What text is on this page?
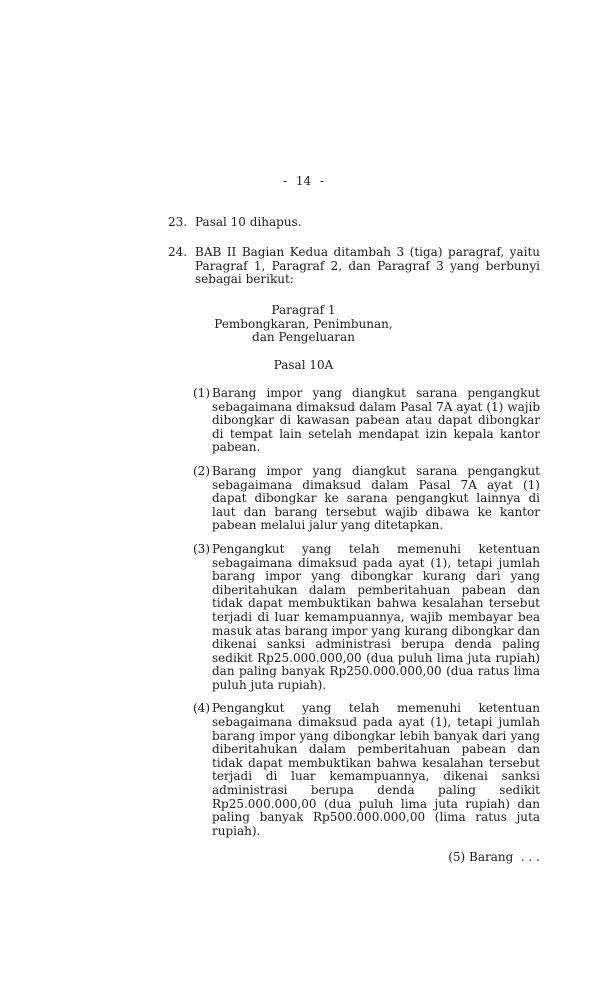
- 14 -
23. Pasal 10 dihapus.
24. BAB II Bagian Kedua ditambah 3 (tiga) paragraf, yaitu Paragraf 1, Paragraf 2, dan Paragraf 3 yang berbunyi sebagai berikut:
Paragraf 1
Pembongkaran, Penimbunan,
dan Pengeluaran
Pasal 10A
(1) Barang impor yang diangkut sarana pengangkut sebagaimana dimaksud dalam Pasal 7A ayat (1) wajib dibongkar di kawasan pabean atau dapat dibongkar di tempat lain setelah mendapat izin kepala kantor pabean.
(2) Barang impor yang diangkut sarana pengangkut sebagaimana dimaksud dalam Pasal 7A ayat (1) dapat dibongkar ke sarana pengangkut lainnya di laut dan barang tersebut wajib dibawa ke kantor pabean melalui jalur yang ditetapkan.
(3) Pengangkut yang telah memenuhi ketentuan sebagaimana dimaksud pada ayat (1), tetapi jumlah barang impor yang dibongkar kurang dari yang diberitahukan dalam pemberitahuan pabean dan tidak dapat membuktikan bahwa kesalahan tersebut terjadi di luar kemampuannya, wajib membayar bea masuk atas barang impor yang kurang dibongkar dan dikenai sanksi administrasi berupa denda paling sedikit Rp25.000.000,00 (dua puluh lima juta rupiah) dan paling banyak Rp250.000.000,00 (dua ratus lima puluh juta rupiah).
(4) Pengangkut yang telah memenuhi ketentuan sebagaimana dimaksud pada ayat (1), tetapi jumlah barang impor yang dibongkar lebih banyak dari yang diberitahukan dalam pemberitahuan pabean dan tidak dapat membuktikan bahwa kesalahan tersebut terjadi di luar kemampuannya, dikenai sanksi administrasi berupa denda paling sedikit Rp25.000.000,00 (dua puluh lima juta rupiah) dan paling banyak Rp500.000.000,00 (lima ratus juta rupiah).
(5) Barang  . . .
